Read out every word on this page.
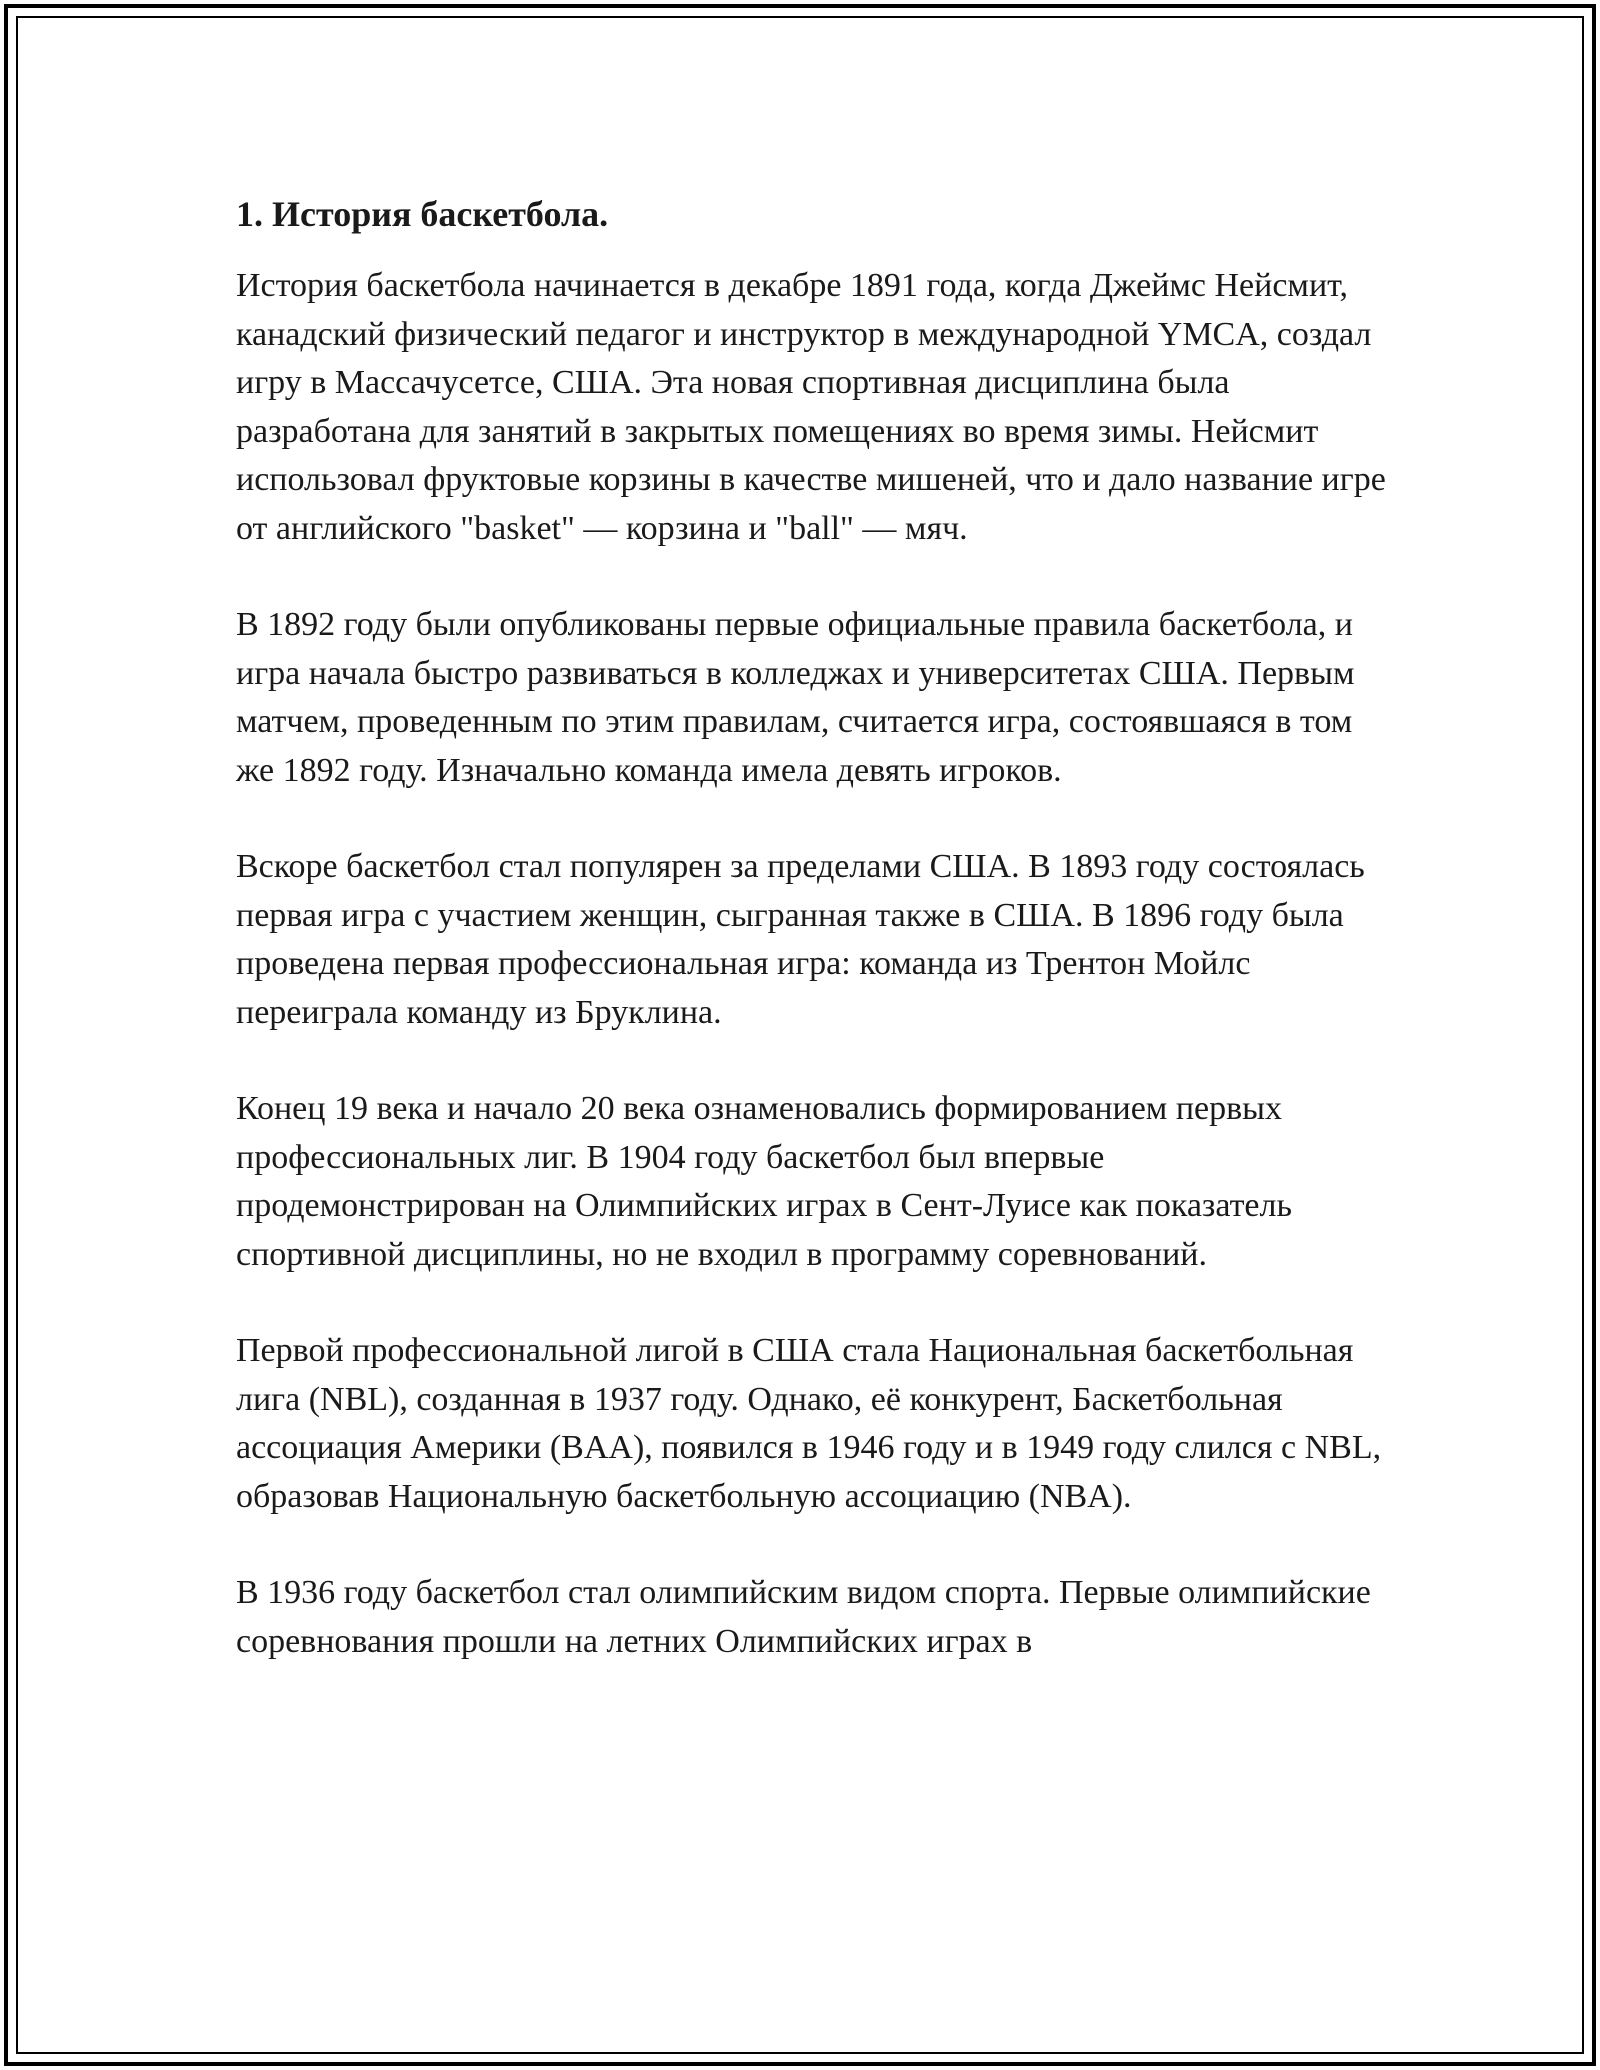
1. История баскетбола.

История баскетбола начинается в декабре 1891 года, когда Джеймс Нейсмит, канадский физический педагог и инструктор в международной YMCA, создал игру в Массачусетсе, США. Эта новая спортивная дисциплина была разработана для занятий в закрытых помещениях во время зимы. Нейсмит использовал фруктовые корзины в качестве мишеней, что и дало название игре от английского "basket" — корзина и "ball" — мяч.

В 1892 году были опубликованы первые официальные правила баскетбола, и игра начала быстро развиваться в колледжах и университетах США. Первым матчем, проведенным по этим правилам, считается игра, состоявшаяся в том же 1892 году. Изначально команда имела девять игроков.

Вскоре баскетбол стал популярен за пределами США. В 1893 году состоялась первая игра с участием женщин, сыгранная также в США. В 1896 году была проведена первая профессиональная игра: команда из Трентон Мойлс переиграла команду из Бруклина.

Конец 19 века и начало 20 века ознаменовались формированием первых профессиональных лиг. В 1904 году баскетбол был впервые продемонстрирован на Олимпийских играх в Сент-Луисе как показатель спортивной дисциплины, но не входил в программу соревнований.

Первой профессиональной лигой в США стала Национальная баскетбольная лига (NBL), созданная в 1937 году. Однако, её конкурент, Баскетбольная ассоциация Америки (BAA), появился в 1946 году и в 1949 году слился с NBL, образовав Национальную баскетбольную ассоциацию (NBA).

В 1936 году баскетбол стал олимпийским видом спорта. Первые олимпийские соревнования прошли на летних Олимпийских играх в
